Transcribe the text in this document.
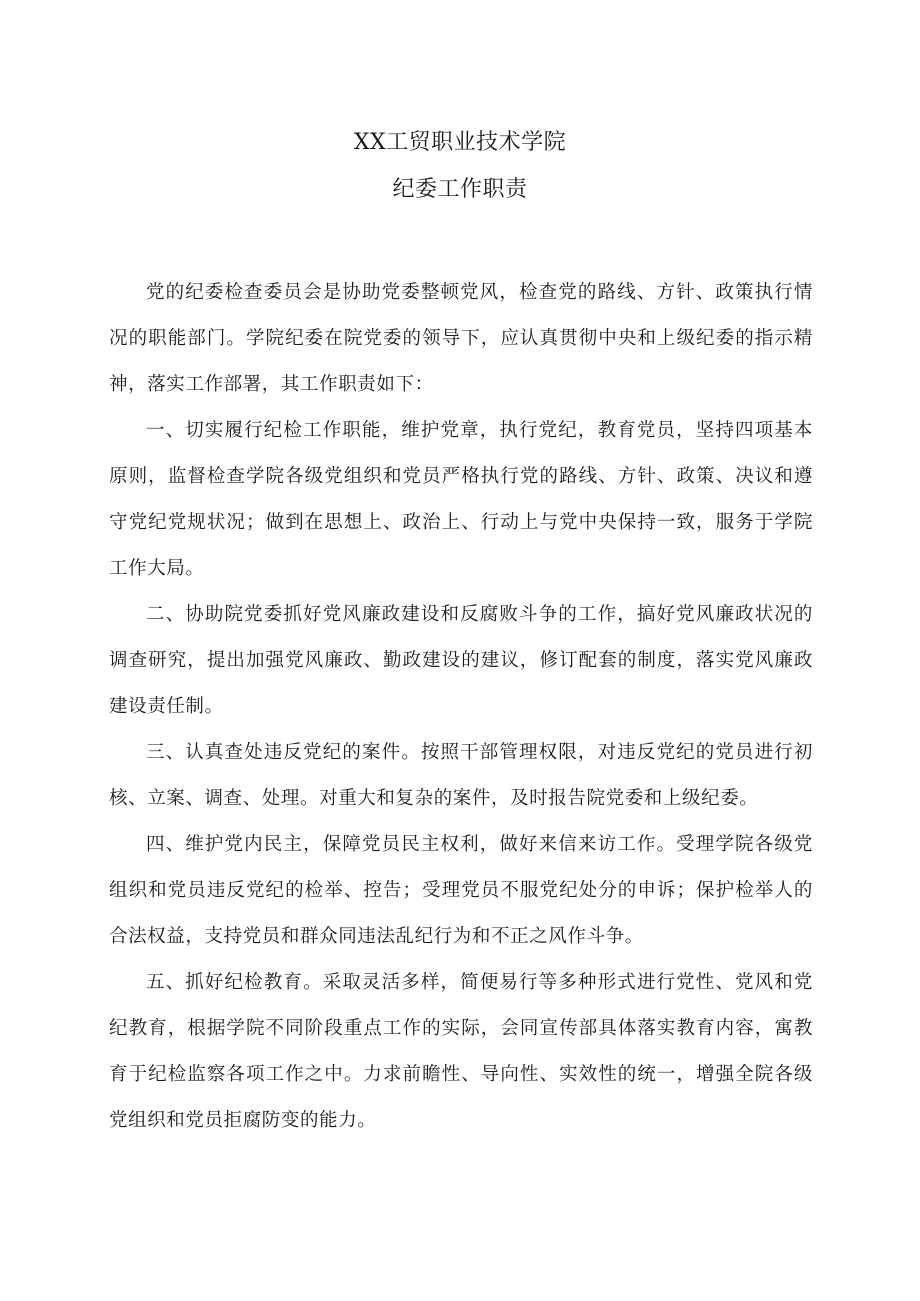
XX工贸职业技术学院
纪委工作职责

党的纪委检查委员会是协助党委整顿党风，检查党的路线、方针、政策执行情况的职能部门。学院纪委在院党委的领导下，应认真贯彻中央和上级纪委的指示精神，落实工作部署，其工作职责如下：

一、切实履行纪检工作职能，维护党章，执行党纪，教育党员，坚持四项基本原则，监督检查学院各级党组织和党员严格执行党的路线、方针、政策、决议和遵守党纪党规状况；做到在思想上、政治上、行动上与党中央保持一致，服务于学院工作大局。

二、协助院党委抓好党风廉政建设和反腐败斗争的工作，搞好党风廉政状况的调查研究，提出加强党风廉政、勤政建设的建议，修订配套的制度，落实党风廉政建设责任制。

三、认真查处违反党纪的案件。按照干部管理权限，对违反党纪的党员进行初核、立案、调查、处理。对重大和复杂的案件，及时报告院党委和上级纪委。

四、维护党内民主，保障党员民主权利，做好来信来访工作。受理学院各级党组织和党员违反党纪的检举、控告；受理党员不服党纪处分的申诉；保护检举人的合法权益，支持党员和群众同违法乱纪行为和不正之风作斗争。

五、抓好纪检教育。采取灵活多样，简便易行等多种形式进行党性、党风和党纪教育，根据学院不同阶段重点工作的实际，会同宣传部具体落实教育内容，寓教育于纪检监察各项工作之中。力求前瞻性、导向性、实效性的统一，增强全院各级党组织和党员拒腐防变的能力。
